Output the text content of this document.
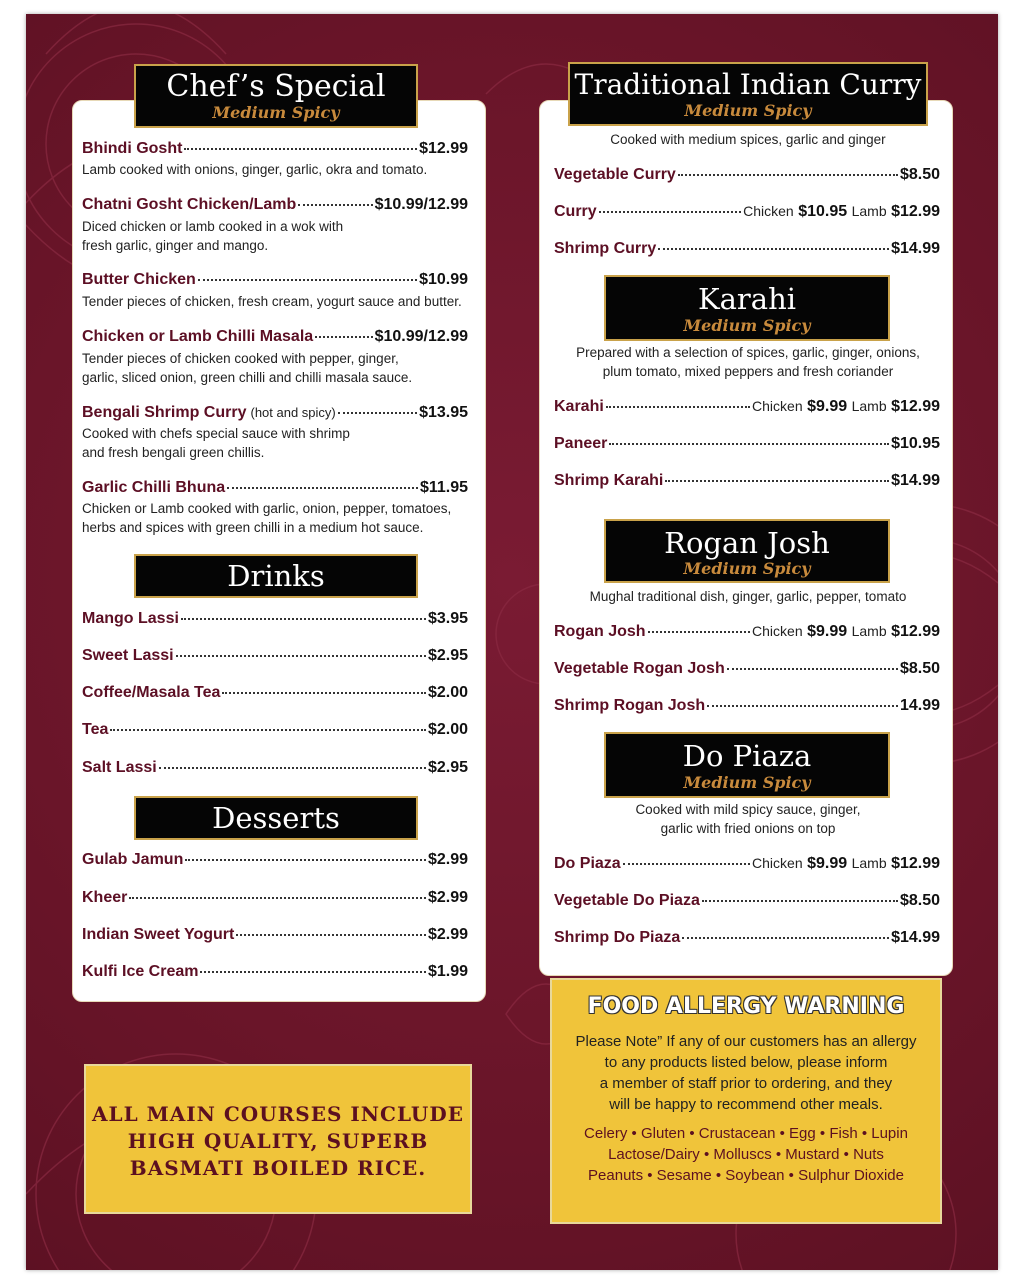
Chef’s Special
Medium Spicy
Bhindi Gosht	$12.99
Lamb cooked with onions, ginger, garlic, okra and tomato.
Chatni Gosht Chicken/Lamb	$10.99/12.99
Diced chicken or lamb cooked in a wok with
fresh garlic, ginger and mango.
Butter Chicken	$10.99
Tender pieces of chicken, fresh cream, yogurt sauce and butter.
Chicken or Lamb Chilli Masala	$10.99/12.99
Tender pieces of chicken cooked with pepper, ginger,
garlic, sliced onion, green chilli and chilli masala sauce.
Bengali Shrimp Curry (hot and spicy)	$13.95
Cooked with chefs special sauce with shrimp
and fresh bengali green chillis.
Garlic Chilli Bhuna	$11.95
Chicken or Lamb cooked with garlic, onion, pepper, tomatoes,
herbs and spices with green chilli in a medium hot sauce.
Drinks
Mango Lassi	$3.95
Sweet Lassi	$2.95
Coffee/Masala Tea	$2.00
Tea	$2.00
Salt Lassi	$2.95
Desserts
Gulab Jamun	$2.99
Kheer	$2.99
Indian Sweet Yogurt	$2.99
Kulfi Ice Cream	$1.99
Traditional Indian Curry
Medium Spicy
Cooked with medium spices, garlic and ginger
Vegetable Curry	$8.50
Curry	Chicken $10.95 Lamb $12.99
Shrimp Curry	$14.99
Karahi
Medium Spicy
Prepared with a selection of spices, garlic, ginger, onions,
plum tomato, mixed peppers and fresh coriander
Karahi	Chicken $9.99 Lamb $12.99
Paneer	$10.95
Shrimp Karahi	$14.99
Rogan Josh
Medium Spicy
Mughal traditional dish, ginger, garlic, pepper, tomato
Rogan Josh	Chicken $9.99 Lamb $12.99
Vegetable Rogan Josh	$8.50
Shrimp Rogan Josh	14.99
Do Piaza
Medium Spicy
Cooked with mild spicy sauce, ginger,
garlic with fried onions on top
Do Piaza	Chicken $9.99 Lamb $12.99
Vegetable Do Piaza	$8.50
Shrimp Do Piaza	$14.99
ALL MAIN COURSES INCLUDE
HIGH QUALITY, SUPERB
BASMATI BOILED RICE.
FOOD ALLERGY WARNING
Please Note” If any of our customers has an allergy
to any products listed below, please inform
a member of staff prior to ordering, and they
will be happy to recommend other meals.
Celery • Gluten • Crustacean • Egg • Fish • Lupin
Lactose/Dairy • Molluscs • Mustard • Nuts
Peanuts • Sesame • Soybean • Sulphur Dioxide
